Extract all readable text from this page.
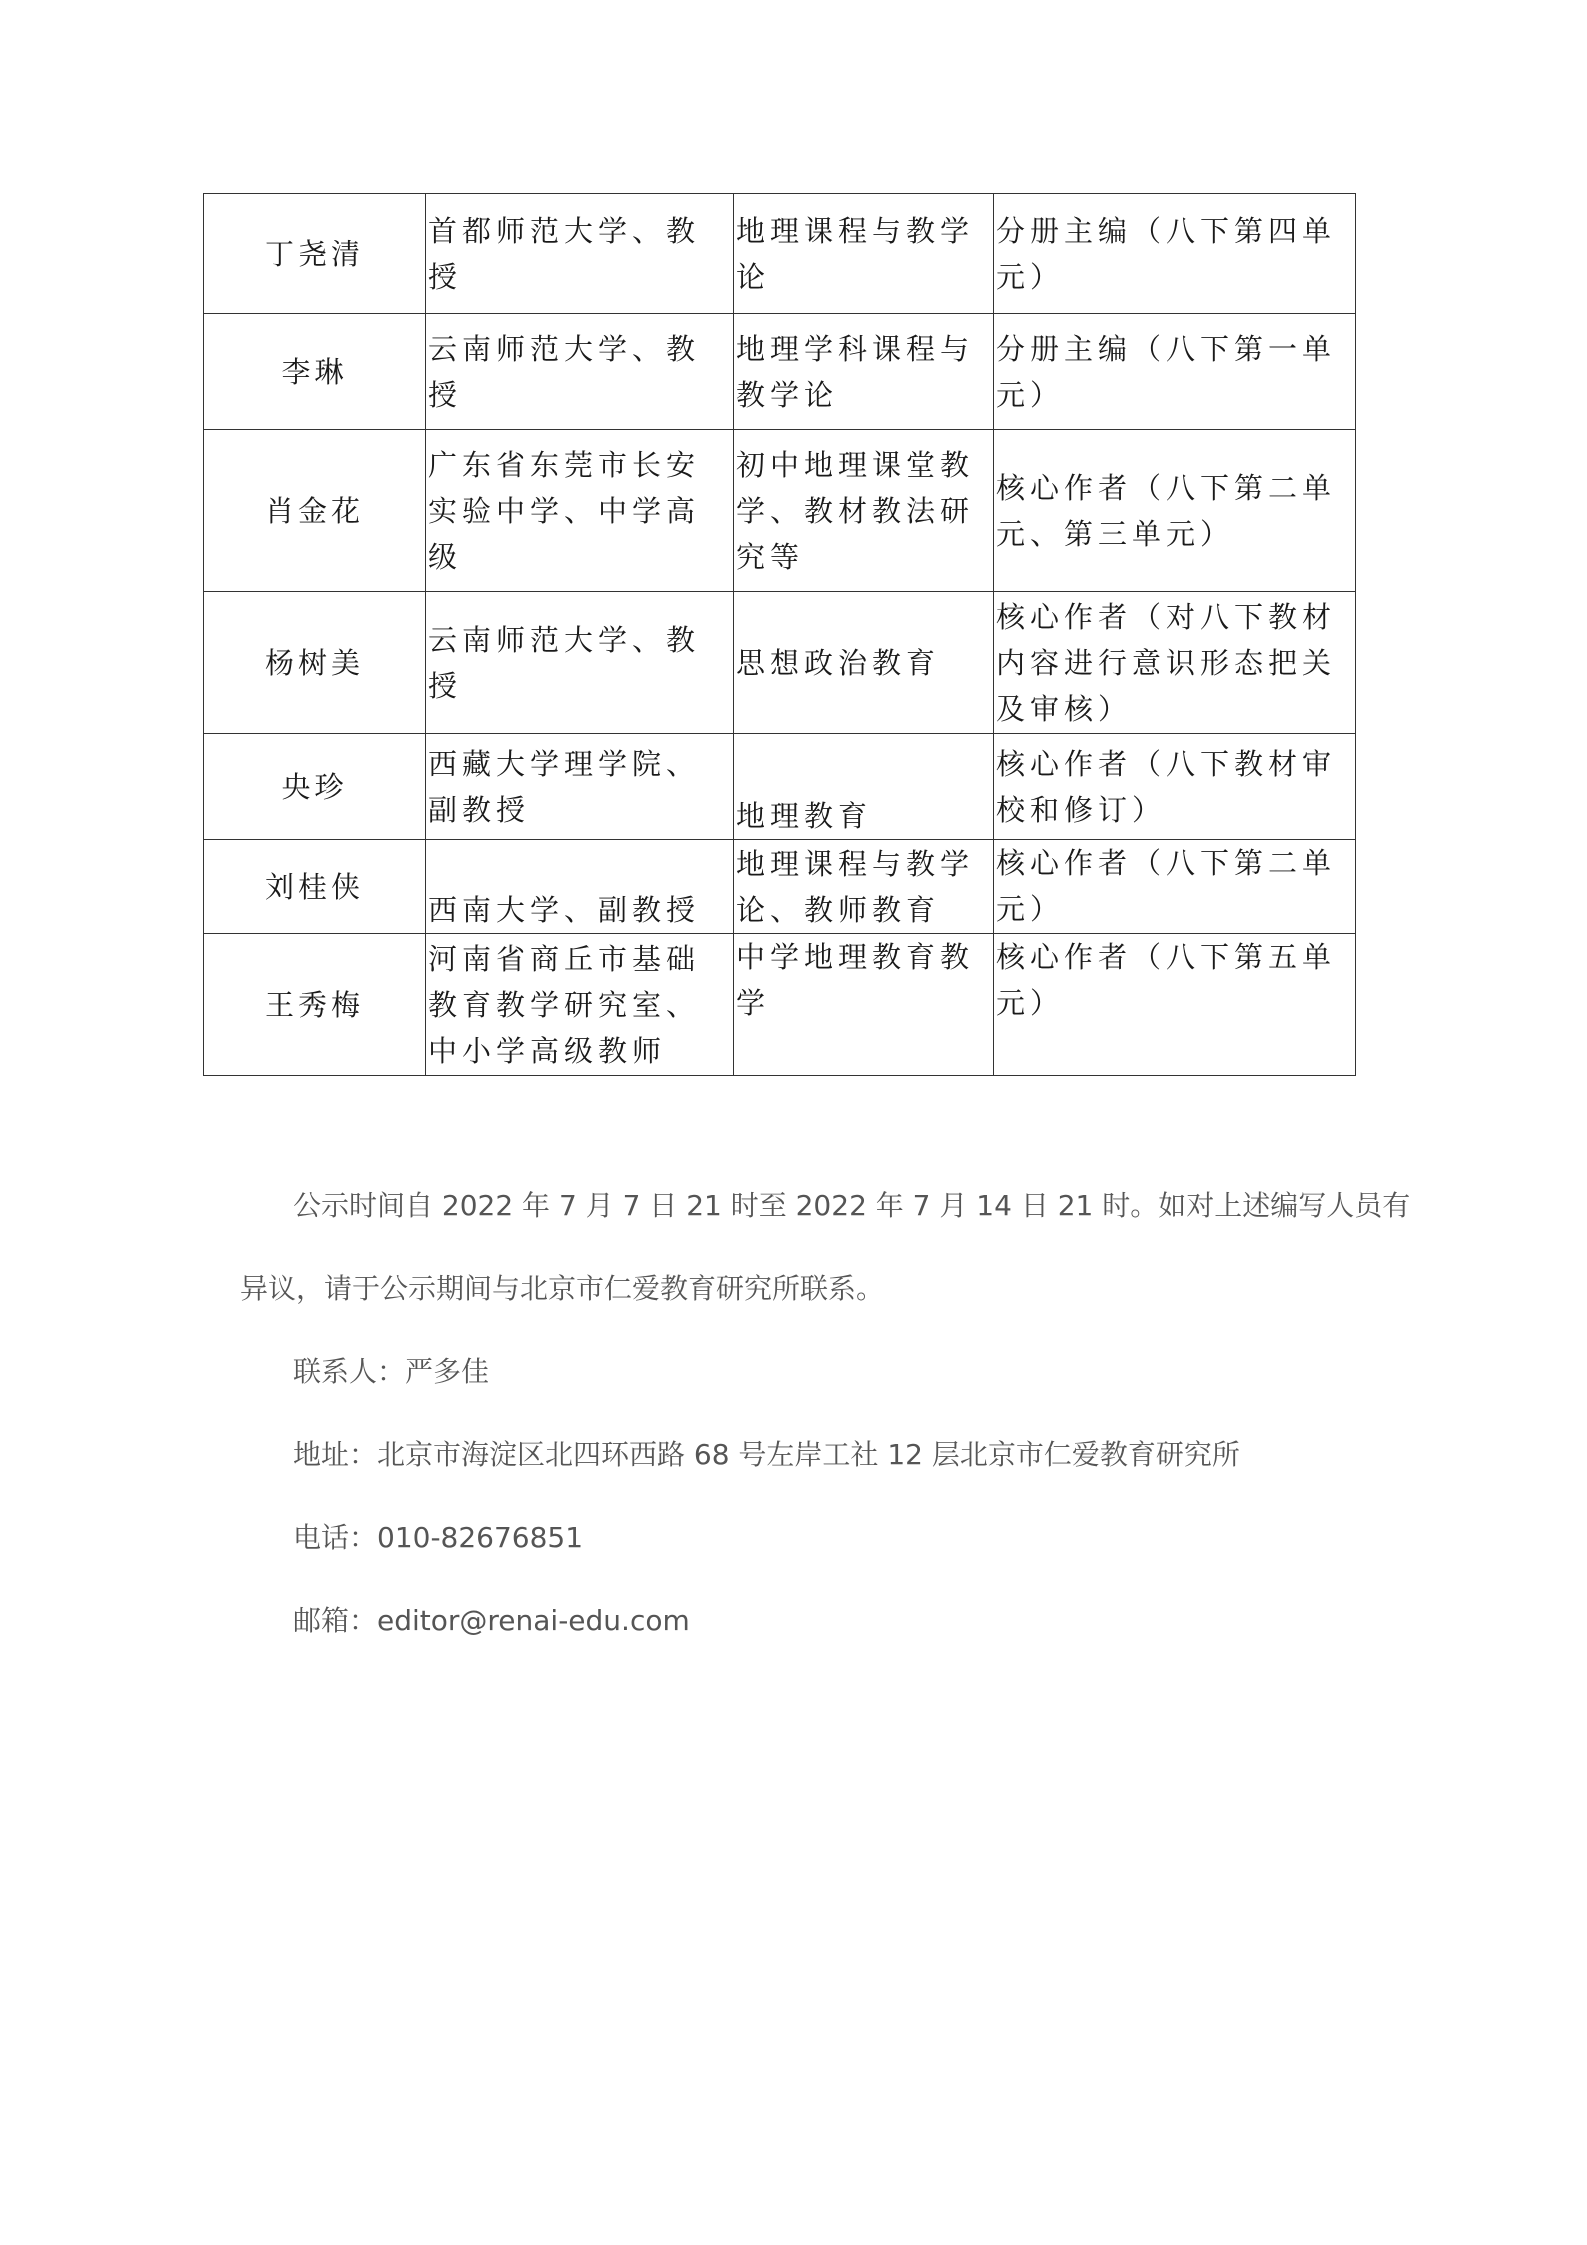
丁尧清	首都师范大学、教授	地理课程与教学论	分册主编（八下第四单元）
李琳	云南师范大学、教授	地理学科课程与教学论	分册主编（八下第一单元）
肖金花	广东省东莞市长安实验中学、中学高级	初中地理课堂教学、教材教法研究等	核心作者（八下第二单元、第三单元）
杨树美	云南师范大学、教授	思想政治教育	核心作者（对八下教材内容进行意识形态把关及审核）
央珍	西藏大学理学院、副教授	地理教育	核心作者（八下教材审校和修订）
刘桂侠	西南大学、副教授	地理课程与教学论、教师教育	核心作者（八下第二单元）
王秀梅	河南省商丘市基础教育教学研究室、中小学高级教师	中学地理教育教学	核心作者（八下第五单元）

公示时间自 2022 年 7 月 7 日 21 时至 2022 年 7 月 14 日 21 时。如对上述编写人员有

异议，请于公示期间与北京市仁爱教育研究所联系。

联系人：严多佳

地址：北京市海淀区北四环西路 68 号左岸工社 12 层北京市仁爱教育研究所

电话：010-82676851

邮箱：editor@renai-edu.com
